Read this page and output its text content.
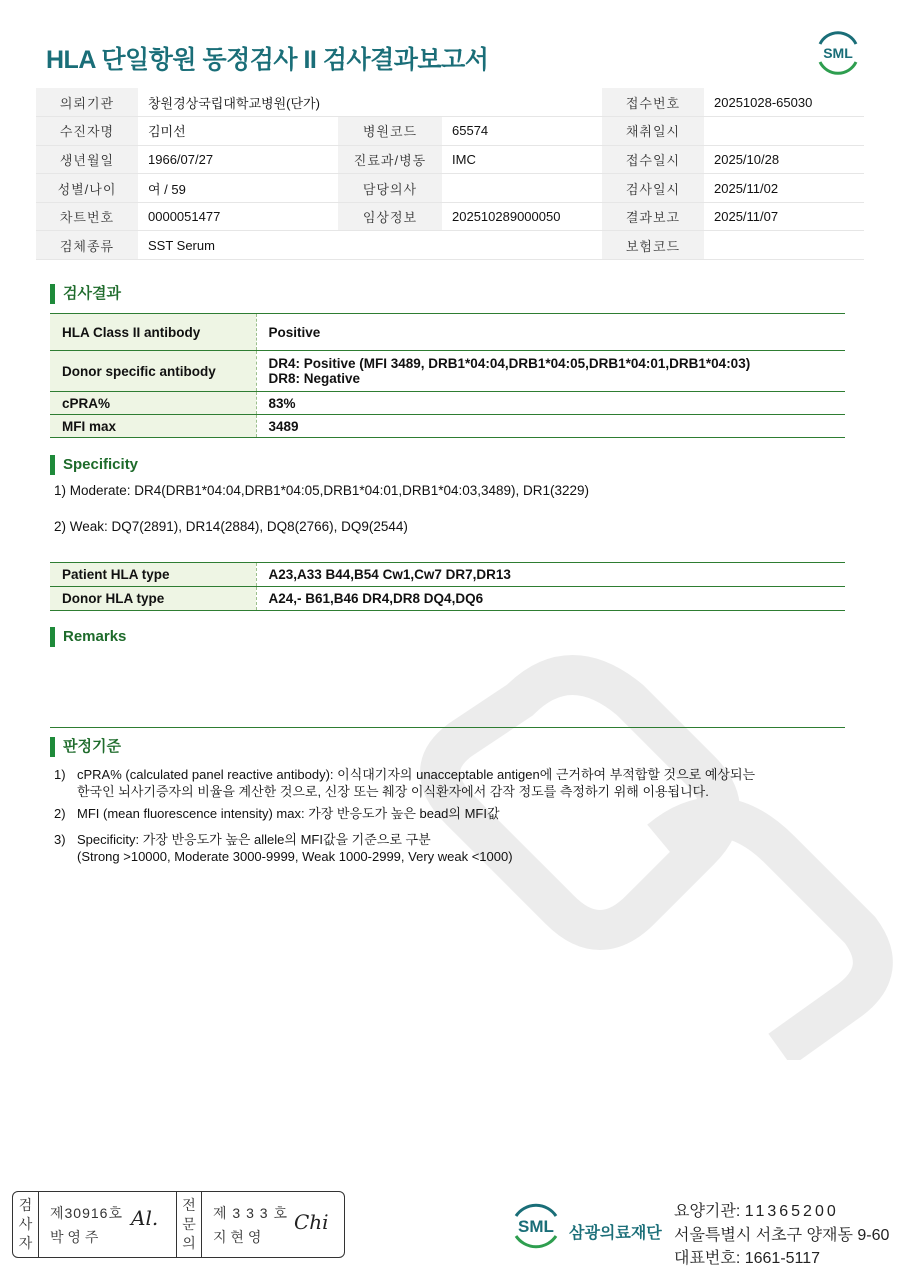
HLA 단일항원 동정검사 II 검사결과보고서	SML
의뢰기관	창원경상국립대학교병원(단가)			접수번호	20251028-65030
수진자명	김미선	병원코드	65574	채취일시	
생년월일	1966/07/27	진료과/병동	IMC	접수일시	2025/10/28
성별/나이	여 / 59	담당의사		검사일시	2025/11/02
차트번호	0000051477	임상정보	202510289000050	결과보고	2025/11/07
검체종류	SST Serum			보험코드	
검사결과
HLA Class II antibody	Positive
Donor specific antibody	DR4: Positive (MFI 3489, DRB1*04:04,DRB1*04:05,DRB1*04:01,DRB1*04:03)
DR8: Negative

cPRA%	83%
MFI max	3489
Specificity
1) Moderate: DR4(DRB1*04:04,DRB1*04:05,DRB1*04:01,DRB1*04:03,3489), DR1(3229)
2) Weak: DQ7(2891), DR14(2884), DQ8(2766), DQ9(2544)
Patient HLA type	A23,A33 B44,B54 Cw1,Cw7 DR7,DR13
Donor HLA type	A24,- B61,B46 DR4,DR8 DQ4,DQ6
Remarks
판정기준
1) cPRA% (calculated panel reactive antibody): 이식대기자의 unacceptable antigen에 근거하여 부적합할 것으로 예상되는
한국인 뇌사기증자의 비율을 계산한 것으로, 신장 또는 췌장 이식환자에서 감작 정도를 측정하기 위해 이용됩니다.
2) MFI (mean fluorescence intensity) max: 가장 반응도가 높은 bead의 MFI값
3) Specificity: 가장 반응도가 높은 allele의 MFI값을 기준으로 구분
(Strong >10000, Moderate 3000-9999, Weak 1000-2999, Very weak <1000)
검사자
제30916호
박 영 주
Al.
전문의
제 3 3 3 호
지 현 영
Chi	SML 삼광의료재단
요양기관: 11365200
서울특별시 서초구 양재동 9-60
대표번호: 1661-5117
